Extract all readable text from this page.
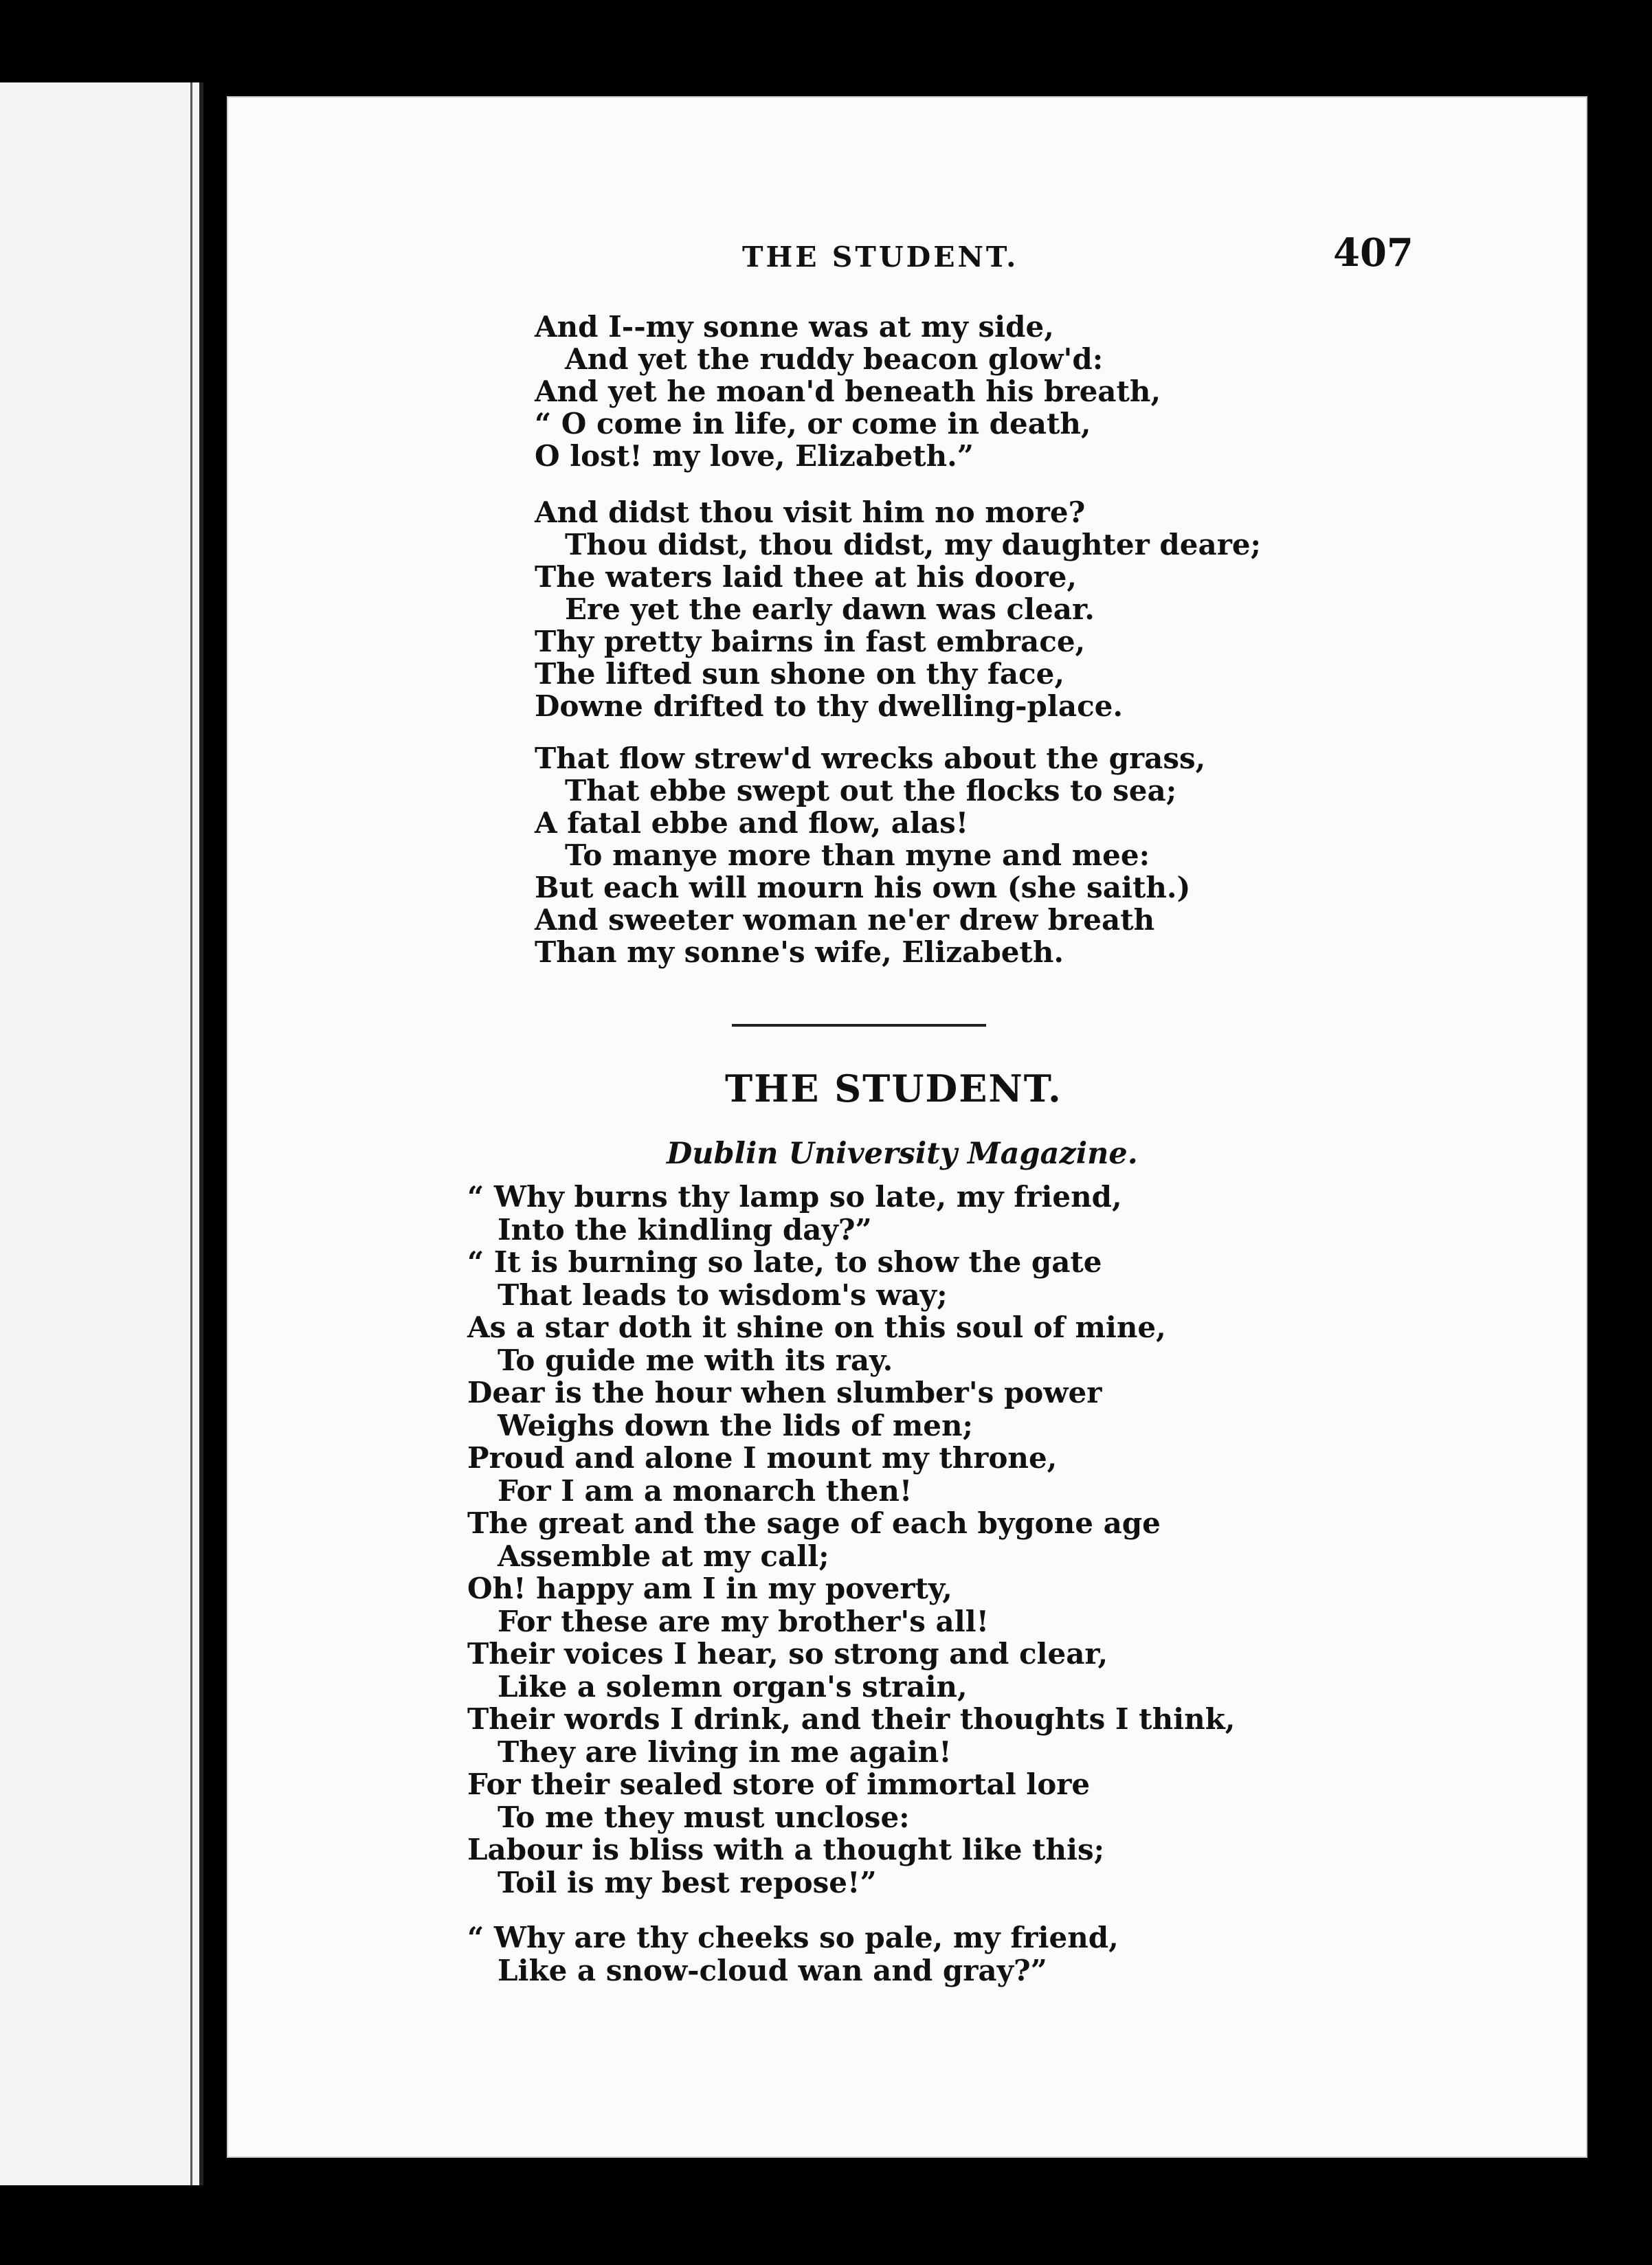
THE STUDENT.	407
And I--my sonne was at my side,
And yet the ruddy beacon glow'd:
And yet he moan'd beneath his breath,
“ O come in life, or come in death,
O lost! my love, Elizabeth.”
And didst thou visit him no more?
Thou didst, thou didst, my daughter deare;
The waters laid thee at his doore,
Ere yet the early dawn was clear.
Thy pretty bairns in fast embrace,
The lifted sun shone on thy face,
Downe drifted to thy dwelling-place.
That flow strew'd wrecks about the grass,
That ebbe swept out the flocks to sea;
A fatal ebbe and flow, alas!
To manye more than myne and mee:
But each will mourn his own (she saith.)
And sweeter woman ne'er drew breath
Than my sonne's wife, Elizabeth.
THE STUDENT.
Dublin University Magazine.
“ Why burns thy lamp so late, my friend,
Into the kindling day?”
“ It is burning so late, to show the gate
That leads to wisdom's way;
As a star doth it shine on this soul of mine,
To guide me with its ray.
Dear is the hour when slumber's power
Weighs down the lids of men;
Proud and alone I mount my throne,
For I am a monarch then!
The great and the sage of each bygone age
Assemble at my call;
Oh! happy am I in my poverty,
For these are my brother's all!
Their voices I hear, so strong and clear,
Like a solemn organ's strain,
Their words I drink, and their thoughts I think,
They are living in me again!
For their sealed store of immortal lore
To me they must unclose:
Labour is bliss with a thought like this;
Toil is my best repose!”
“ Why are thy cheeks so pale, my friend,
Like a snow-cloud wan and gray?”
